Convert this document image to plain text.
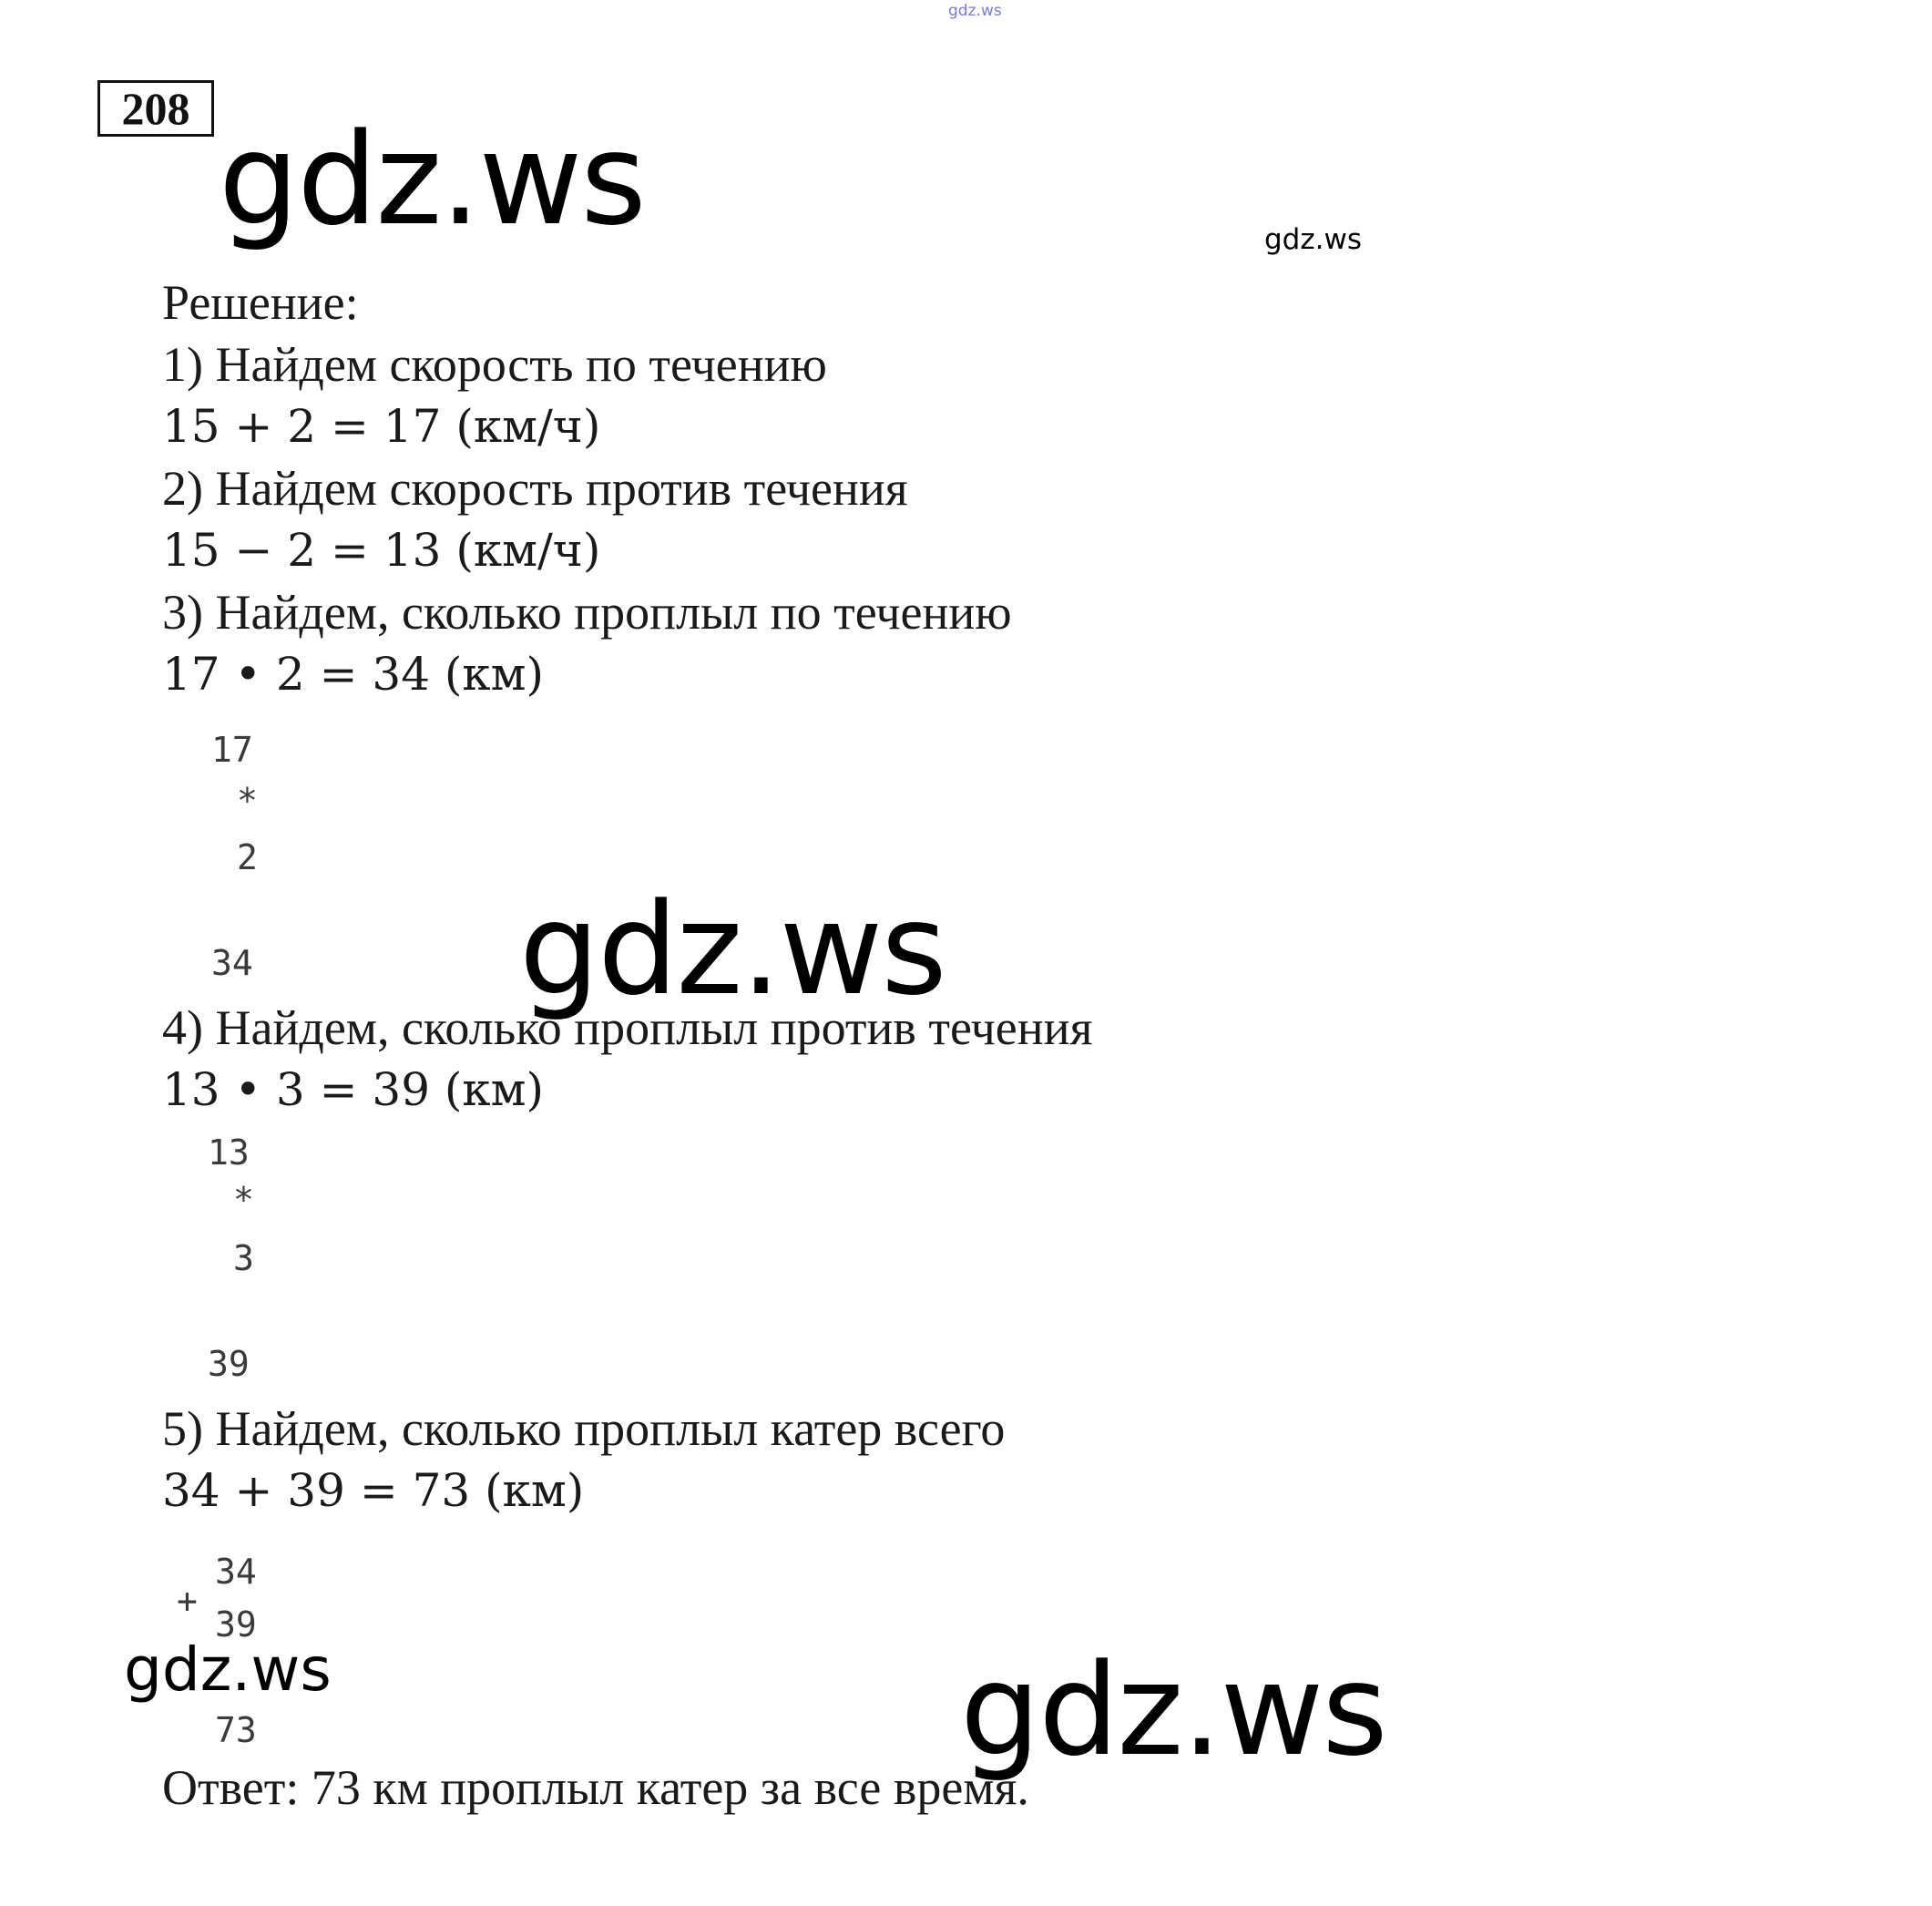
gdz.ws
208 gdz.ws	gdz.ws
Решение:
1) Найдем скорость по течению
15 + 2 = 17 (км/ч)
2) Найдем скорость против течения
15 − 2 = 13 (км/ч)
3) Найдем, сколько проплыл по течению
17 • 2 = 34 (км)
17
*
2
34 gdz.ws
4) Найдем, сколько проплыл против течения
13 • 3 = 39 (км)
13
*
3
39
5) Найдем, сколько проплыл катер всего
34 + 39 = 73 (км)
34
+
39
73
gdz.ws	gdz.ws
Ответ: 73 км проплыл катер за все время.
